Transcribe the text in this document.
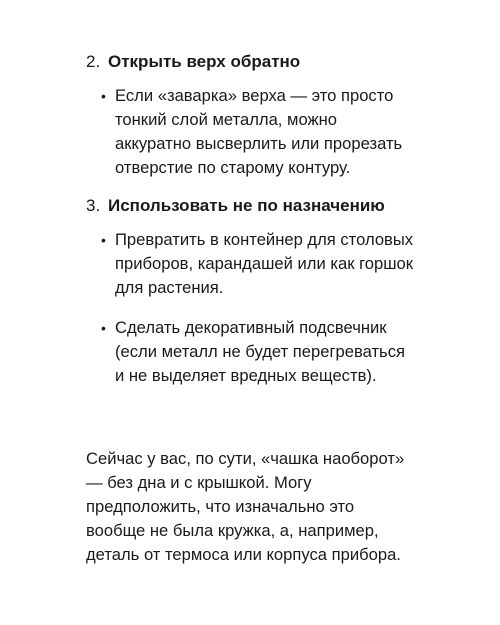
2. Открыть верх обратно
• Если «заварка» верха — это просто тонкий слой металла, можно аккуратно высверлить или прорезать отверстие по старому контуру.
3. Использовать не по назначению
• Превратить в контейнер для столовых приборов, карандашей или как горшок для растения.
• Сделать декоративный подсвечник (если металл не будет перегреваться и не выделяет вредных веществ).

Сейчас у вас, по сути, «чашка наоборот» — без дна и с крышкой. Могу предположить, что изначально это вообще не была кружка, а, например, деталь от термоса или корпуса прибора.
